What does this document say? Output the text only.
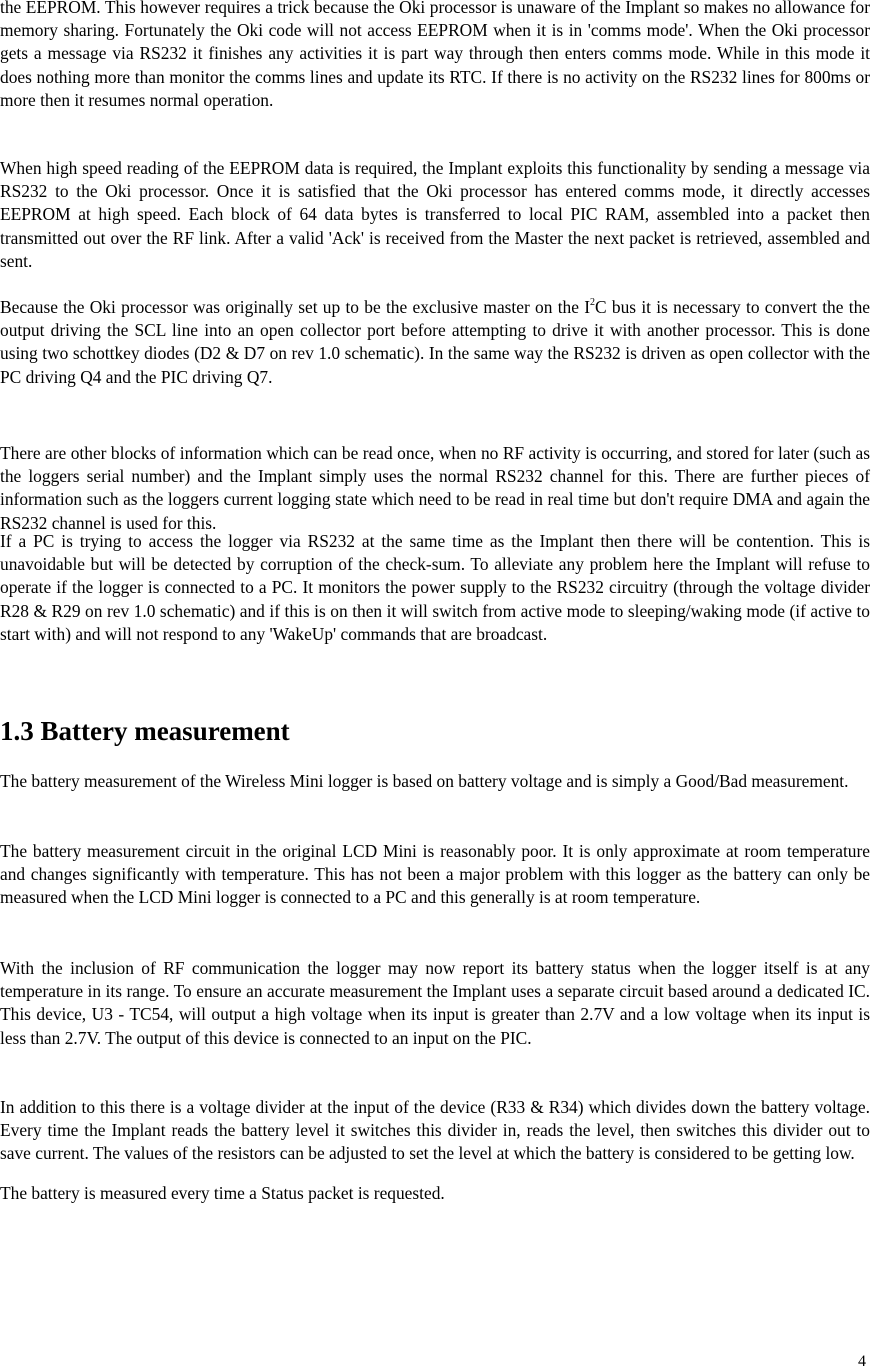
the EEPROM. This however requires a trick because the Oki processor is unaware of the Implant so makes no allowance for memory sharing. Fortunately the Oki code will not access EEPROM when it is in 'comms mode'. When the Oki processor gets a message via RS232 it finishes any activities it is part way through then enters comms mode. While in this mode it does nothing more than monitor the comms lines and update its RTC. If there is no activity on the RS232 lines for 800ms or more then it resumes normal operation.

When high speed reading of the EEPROM data is required, the Implant exploits this functionality by sending a message via RS232 to the Oki processor. Once it is satisfied that the Oki processor has entered comms mode, it directly accesses EEPROM at high speed. Each block of 64 data bytes is transferred to local PIC RAM, assembled into a packet then transmitted out over the RF link. After a valid 'Ack' is received from the Master the next packet is retrieved, assembled and sent.

Because the Oki processor was originally set up to be the exclusive master on the $I^2C$ bus it is necessary to convert the the output driving the SCL line into an open collector port before attempting to drive it with another processor. This is done using two schottkey diodes (D2 & D7 on rev 1.0 schematic). In the same way the RS232 is driven as open collector with the PC driving Q4 and the PIC driving Q7.

There are other blocks of information which can be read once, when no RF activity is occurring, and stored for later (such as the loggers serial number) and the Implant simply uses the normal RS232 channel for this. There are further pieces of information such as the loggers current logging state which need to be read in real time but don't require DMA and again the RS232 channel is used for this.

If a PC is trying to access the logger via RS232 at the same time as the Implant then there will be contention. This is unavoidable but will be detected by corruption of the check-sum. To alleviate any problem here the Implant will refuse to operate if the logger is connected to a PC. It monitors the power supply to the RS232 circuitry (through the voltage divider R28 & R29 on rev 1.0 schematic) and if this is on then it will switch from active mode to sleeping/waking mode (if active to start with) and will not respond to any 'WakeUp' commands that are broadcast.

1.3 Battery measurement

The battery measurement of the Wireless Mini logger is based on battery voltage and is simply a Good/Bad measurement.

The battery measurement circuit in the original LCD Mini is reasonably poor. It is only approximate at room temperature and changes significantly with temperature. This has not been a major problem with this logger as the battery can only be measured when the LCD Mini logger is connected to a PC and this generally is at room temperature.

With the inclusion of RF communication the logger may now report its battery status when the logger itself is at any temperature in its range. To ensure an accurate measurement the Implant uses a separate circuit based around a dedicated IC. This device, U3 - TC54, will output a high voltage when its input is greater than 2.7V and a low voltage when its input is less than 2.7V. The output of this device is connected to an input on the PIC.

In addition to this there is a voltage divider at the input of the device (R33 & R34) which divides down the battery voltage. Every time the Implant reads the battery level it switches this divider in, reads the level, then switches this divider out to save current. The values of the resistors can be adjusted to set the level at which the battery is considered to be getting low.

The battery is measured every time a Status packet is requested.

4
